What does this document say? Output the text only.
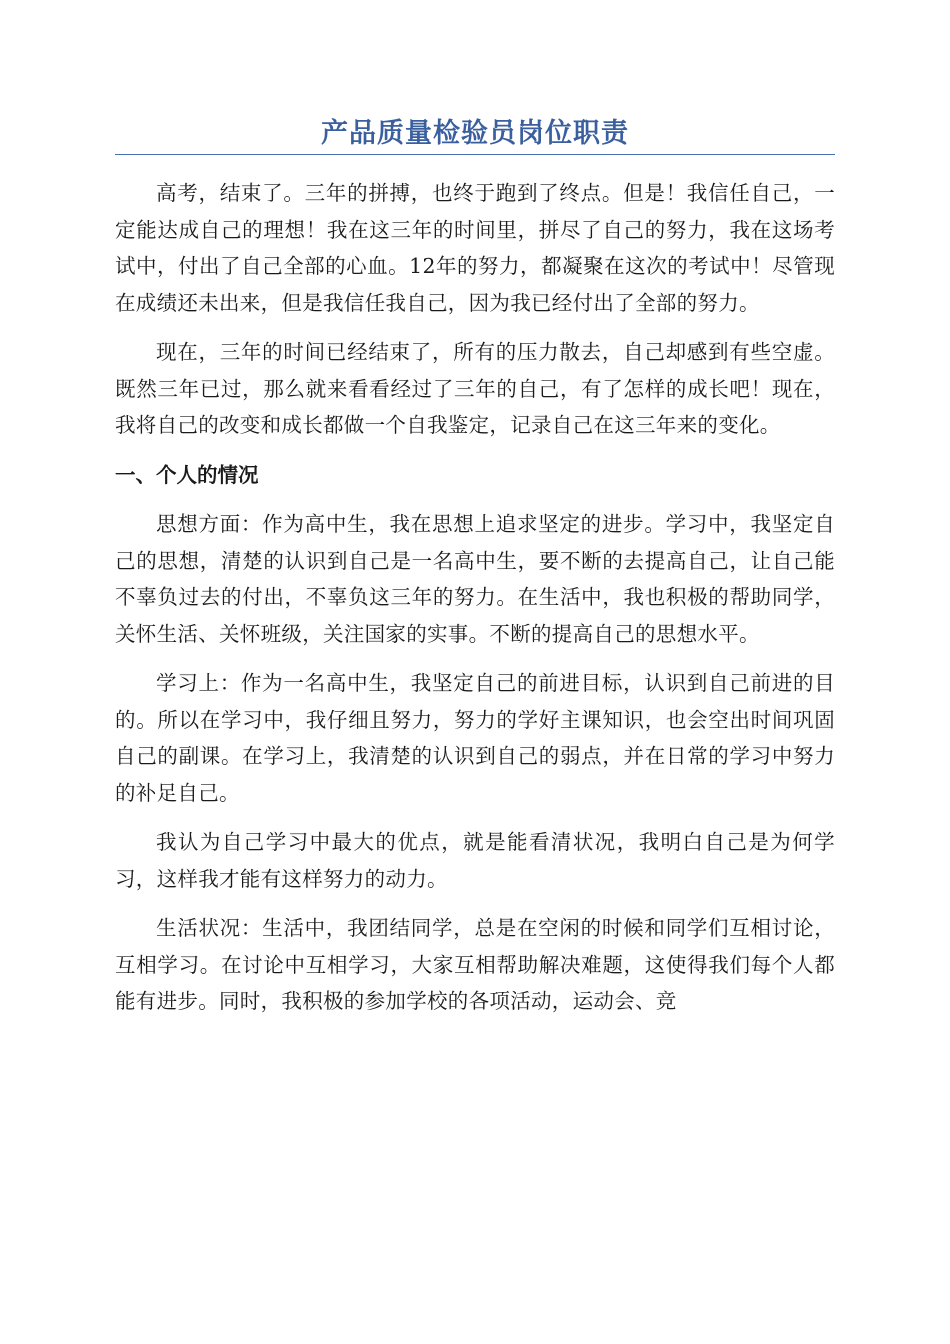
产品质量检验员岗位职责

高考，结束了。三年的拼搏，也终于跑到了终点。但是！我信任自己，一定能达成自己的理想！我在这三年的时间里，拼尽了自己的努力，我在这场考试中，付出了自己全部的心血。12年的努力，都凝聚在这次的考试中！尽管现在成绩还未出来，但是我信任我自己，因为我已经付出了全部的努力。

现在，三年的时间已经结束了，所有的压力散去，自己却感到有些空虚。既然三年已过，那么就来看看经过了三年的自己，有了怎样的成长吧！现在，我将自己的改变和成长都做一个自我鉴定，记录自己在这三年来的变化。

一、个人的情况

思想方面：作为高中生，我在思想上追求坚定的进步。学习中，我坚定自己的思想，清楚的认识到自己是一名高中生，要不断的去提高自己，让自己能不辜负过去的付出，不辜负这三年的努力。在生活中，我也积极的帮助同学，关怀生活、关怀班级，关注国家的实事。不断的提高自己的思想水平。

学习上：作为一名高中生，我坚定自己的前进目标，认识到自己前进的目的。所以在学习中，我仔细且努力，努力的学好主课知识，也会空出时间巩固自己的副课。在学习上，我清楚的认识到自己的弱点，并在日常的学习中努力的补足自己。

我认为自己学习中最大的优点，就是能看清状况，我明白自己是为何学习，这样我才能有这样努力的动力。

生活状况：生活中，我团结同学，总是在空闲的时候和同学们互相讨论，互相学习。在讨论中互相学习，大家互相帮助解决难题，这使得我们每个人都能有进步。同时，我积极的参加学校的各项活动，运动会、竞
